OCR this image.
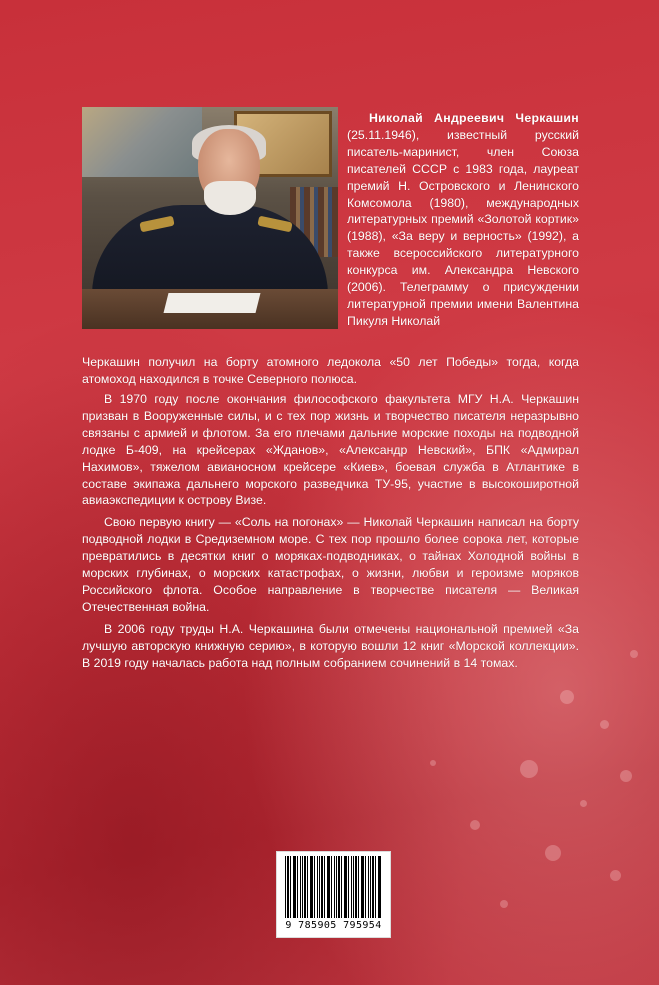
Николай Андреевич Черкашин (25.11.1946), известный русский писатель-маринист, член Союза писателей СССР с 1983 года, лауреат премий Н. Островского и Ленинского Комсомола (1980), международных литературных премий «Золотой кортик» (1988), «За веру и верность» (1992), а также всероссийского литературного конкурса им. Александра Невского (2006). Телеграмму о присуждении литературной премии имени Валентина Пикуля Николай

Черкашин получил на борту атомного ледокола «50 лет Победы» тогда, когда атомоход находился в точке Северного полюса.

В 1970 году после окончания философского факультета МГУ Н.А. Черкашин призван в Вооруженные силы, и с тех пор жизнь и творчество писателя неразрывно связаны с армией и флотом. За его плечами дальние морские походы на подводной лодке Б-409, на крейсерах «Жданов», «Александр Невский», БПК «Адмирал Нахимов», тяжелом авианосном крейсере «Киев», боевая служба в Атлантике в составе экипажа дальнего морского разведчика ТУ-95, участие в высокоширотной авиаэкспедиции к острову Визе.

Свою первую книгу — «Соль на погонах» — Николай Черкашин написал на борту подводной лодки в Средиземном море. С тех пор прошло более сорока лет, которые превратились в десятки книг о моряках-подводниках, о тайнах Холодной войны в морских глубинах, о морских катастрофах, о жизни, любви и героизме моряков Российского флота. Особое направление в творчестве писателя — Великая Отечественная война.

В 2006 году труды Н.А. Черкашина были отмечены национальной премией «За лучшую авторскую книжную серию», в которую вошли 12 книг «Морской коллекции». В 2019 году началась работа над полным собранием сочинений в 14 томах.

9 785905 795954
